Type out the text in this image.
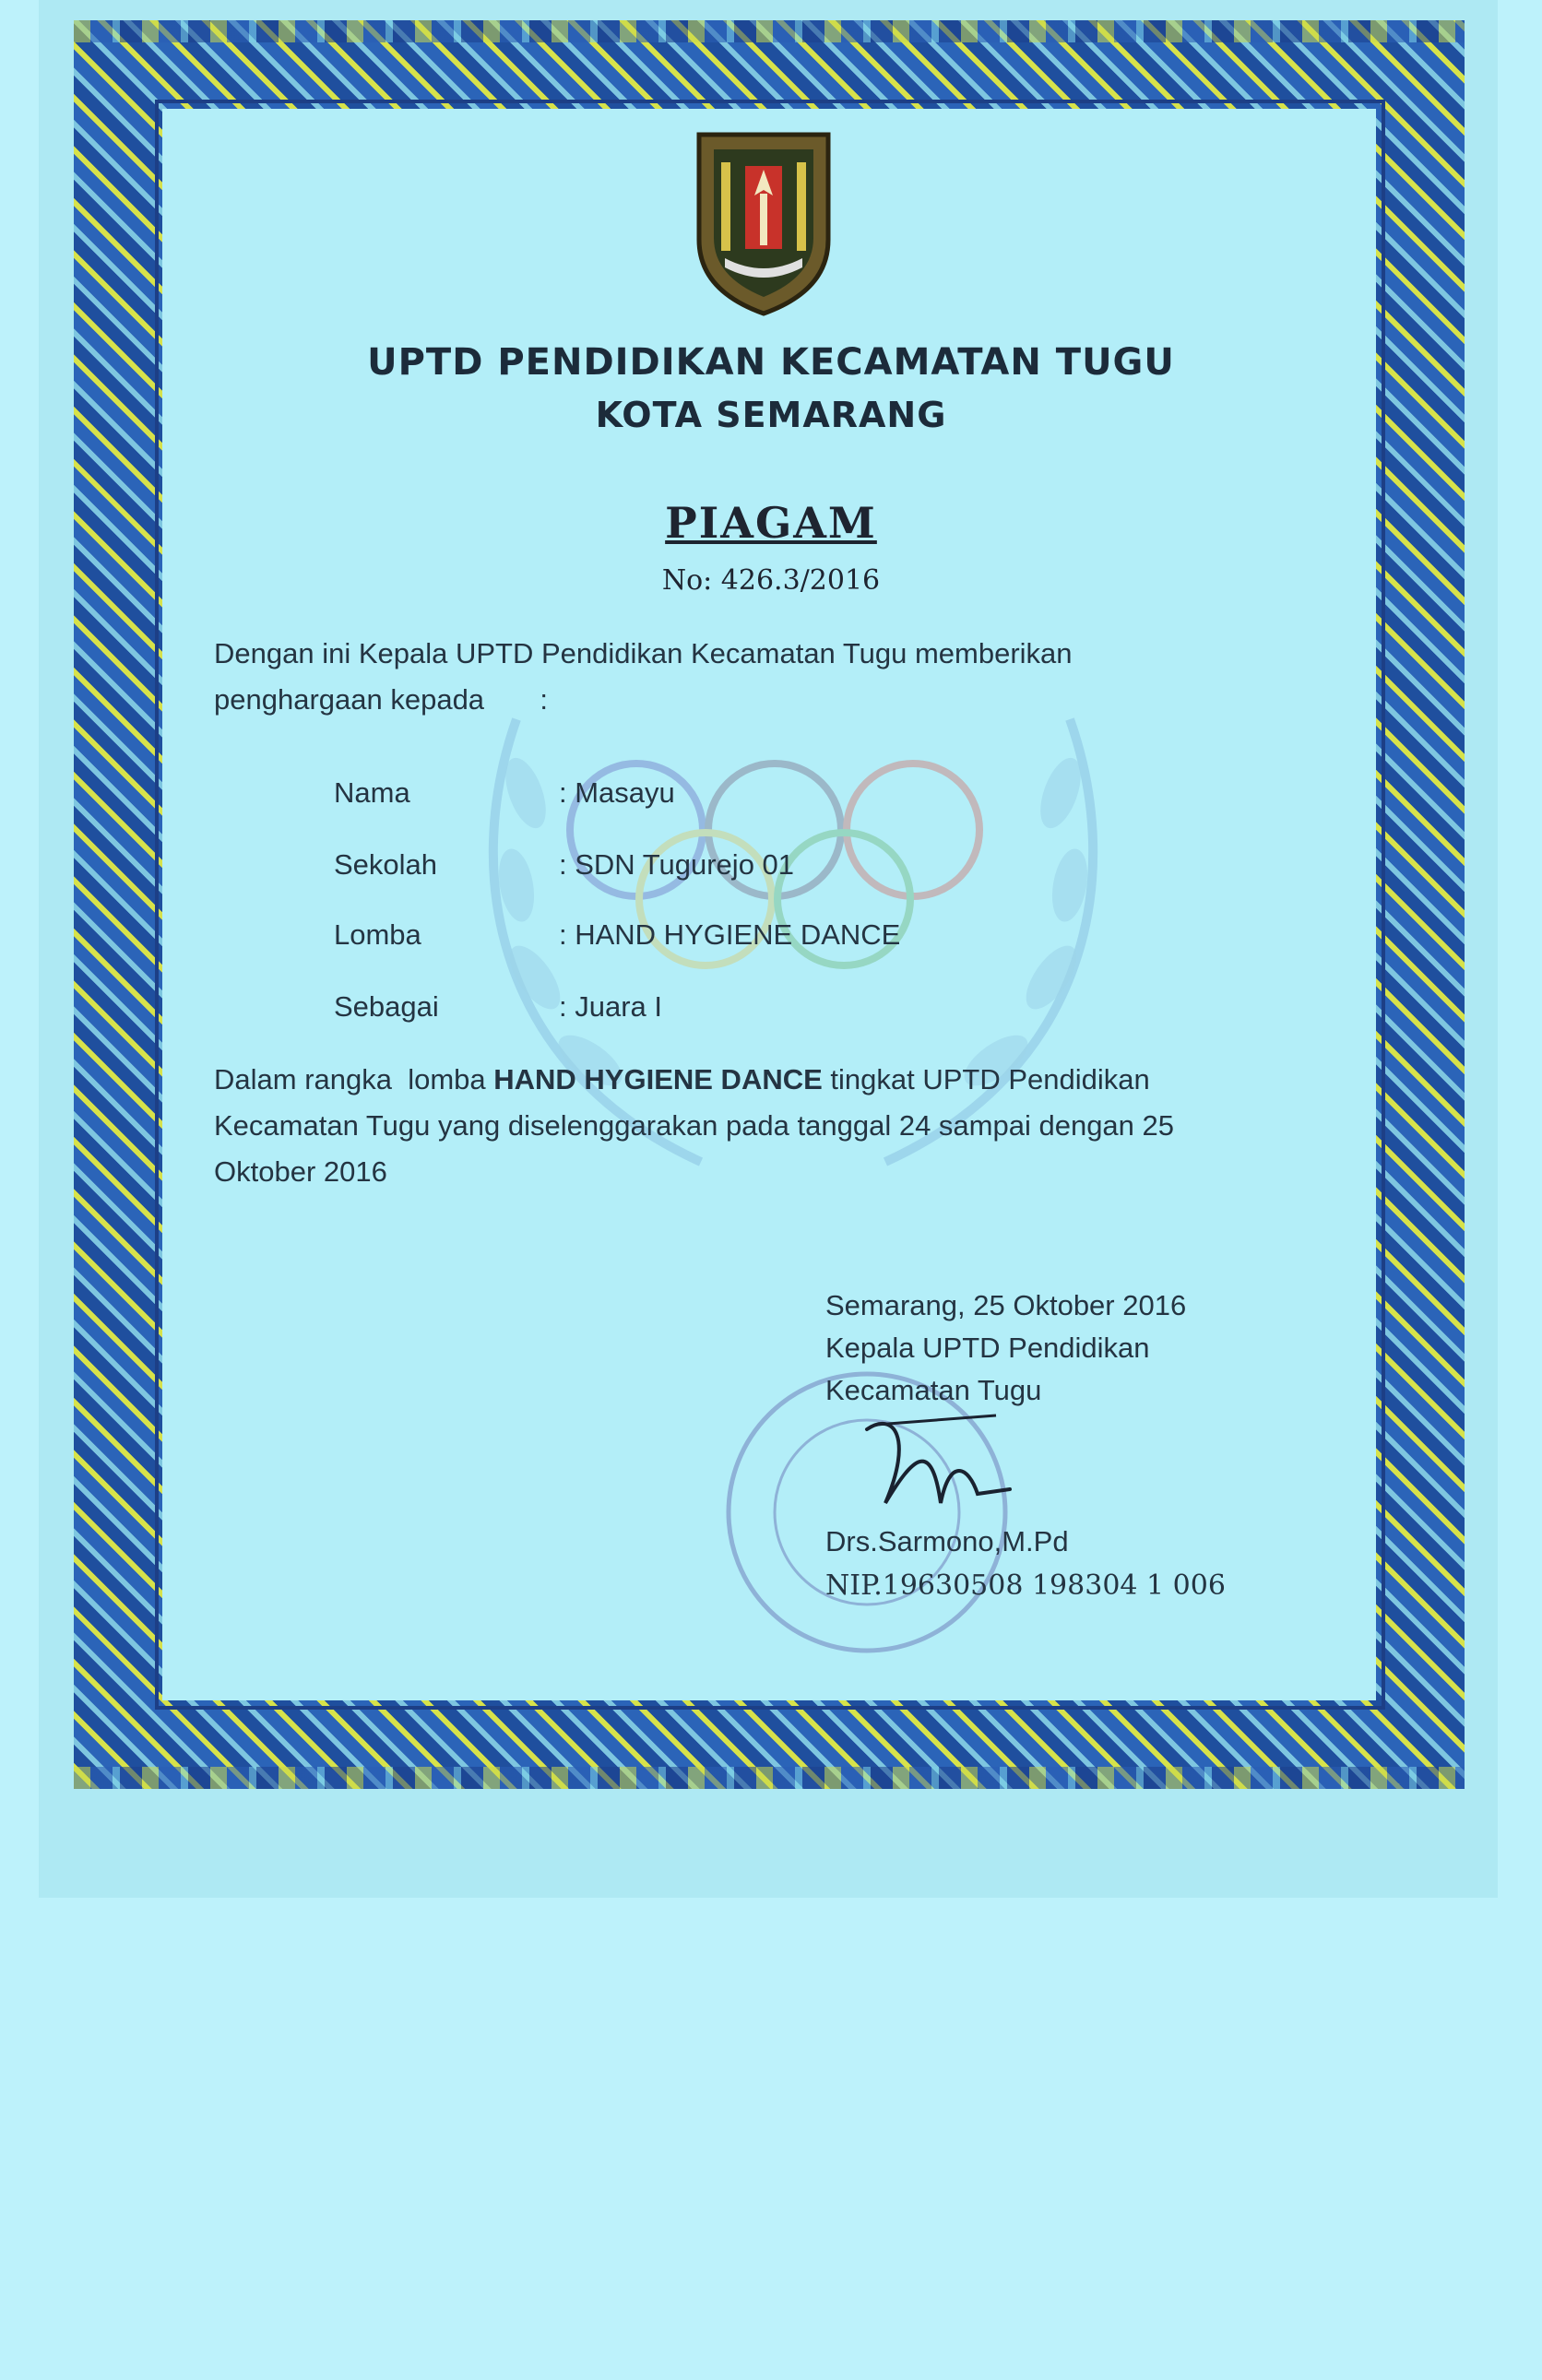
UPTD PENDIDIKAN KECAMATAN TUGU
KOTA SEMARANG
PIAGAM
No: 426.3/2016
Dengan ini Kepala UPTD Pendidikan Kecamatan Tugu memberikan
penghargaan kepada       :
Nama	: Masayu
Sekolah	: SDN Tugurejo 01
Lomba	: HAND HYGIENE DANCE
Sebagai	: Juara I
Dalam rangka  lomba HAND HYGIENE DANCE tingkat UPTD Pendidikan
Kecamatan Tugu yang diselenggarakan pada tanggal 24 sampai dengan 25
Oktober 2016
Semarang, 25 Oktober 2016
Kepala UPTD Pendidikan
Kecamatan Tugu
Drs.Sarmono,M.Pd
NIP.19630508 198304 1 006
